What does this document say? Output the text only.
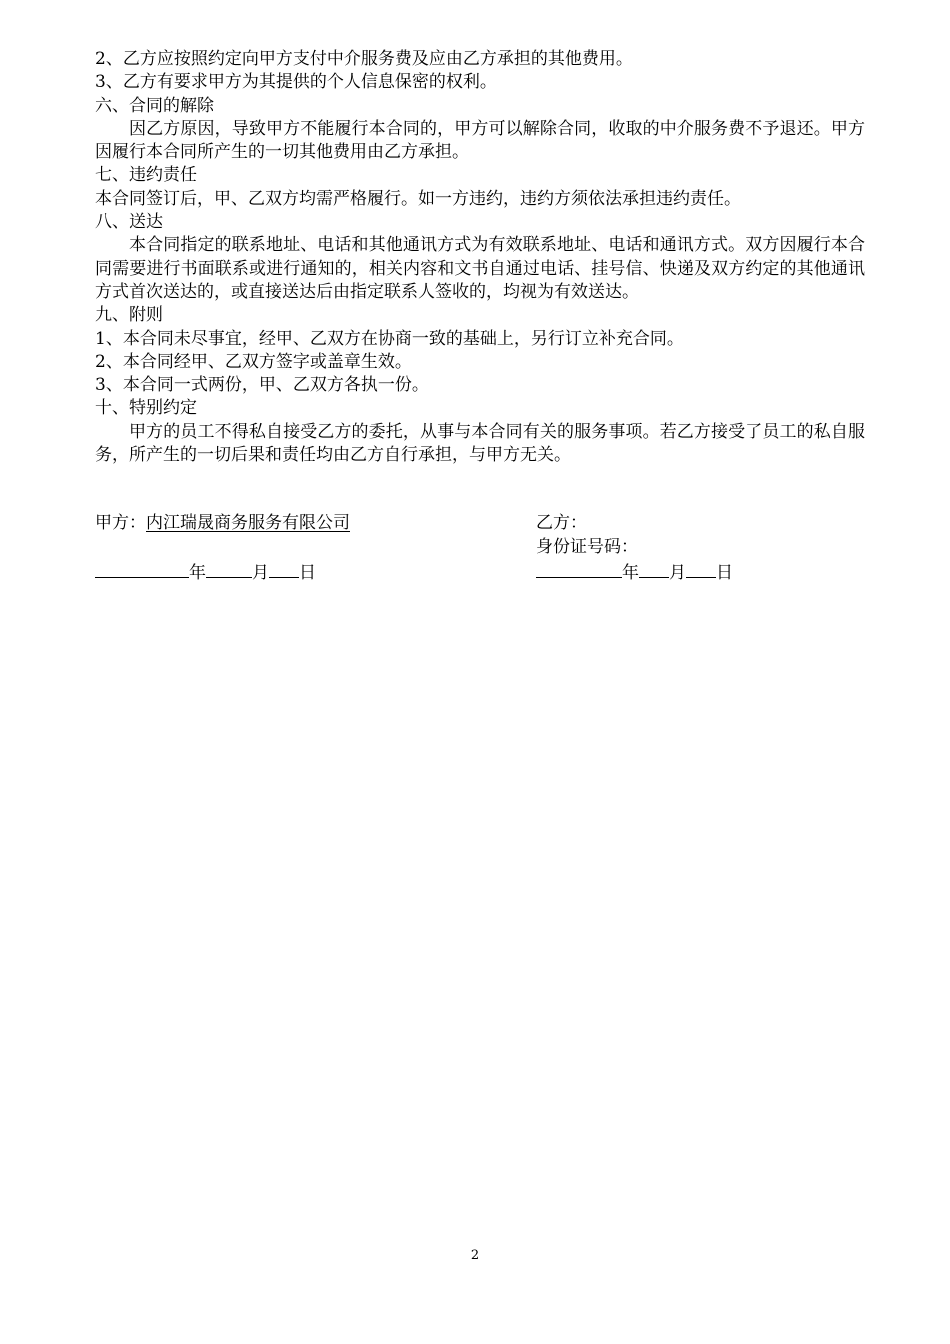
2、乙方应按照约定向甲方支付中介服务费及应由乙方承担的其他费用。
3、乙方有要求甲方为其提供的个人信息保密的权利。
六、合同的解除
因乙方原因，导致甲方不能履行本合同的，甲方可以解除合同，收取的中介服务费不予退还。甲方因履行本合同所产生的一切其他费用由乙方承担。
七、违约责任
本合同签订后，甲、乙双方均需严格履行。如一方违约，违约方须依法承担违约责任。
八、送达
本合同指定的联系地址、电话和其他通讯方式为有效联系地址、电话和通讯方式。双方因履行本合同需要进行书面联系或进行通知的，相关内容和文书自通过电话、挂号信、快递及双方约定的其他通讯方式首次送达的，或直接送达后由指定联系人签收的，均视为有效送达。
九、附则
1、本合同未尽事宜，经甲、乙双方在协商一致的基础上，另行订立补充合同。
2、本合同经甲、乙双方签字或盖章生效。
3、本合同一式两份，甲、乙双方各执一份。
十、特别约定
甲方的员工不得私自接受乙方的委托，从事与本合同有关的服务事项。若乙方接受了员工的私自服务，所产生的一切后果和责任均由乙方自行承担，与甲方无关。
甲方：内江瑞晟商务服务有限公司	乙方：
身份证号码：
年	月 日	年 月 日
2
